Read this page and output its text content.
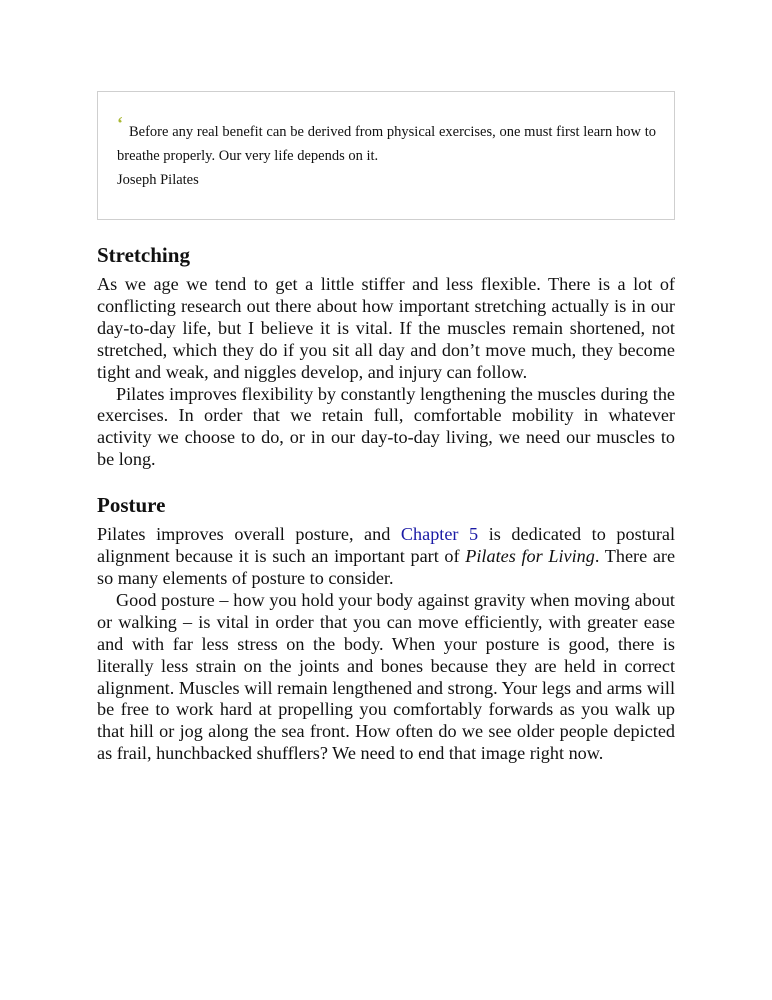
‘ Before any real benefit can be derived from physical exercises, one must first learn how to breathe properly. Our very life depends on it.
Joseph Pilates
Stretching

As we age we tend to get a little stiffer and less flexible. There is a lot of conflicting research out there about how important stretching actually is in our day-to-day life, but I believe it is vital. If the muscles remain shortened, not stretched, which they do if you sit all day and don’t move much, they become tight and weak, and niggles develop, and injury can follow.

Pilates improves flexibility by constantly lengthening the muscles during the exercises. In order that we retain full, comfortable mobility in whatever activity we choose to do, or in our day-to-day living, we need our muscles to be long.

Posture

Pilates improves overall posture, and Chapter 5 is dedicated to postural alignment because it is such an important part of Pilates for Living. There are so many elements of posture to consider.

Good posture – how you hold your body against gravity when moving about or walking – is vital in order that you can move efficiently, with greater ease and with far less stress on the body. When your posture is good, there is literally less strain on the joints and bones because they are held in correct alignment. Muscles will remain lengthened and strong. Your legs and arms will be free to work hard at propelling you comfortably forwards as you walk up that hill or jog along the sea front. How often do we see older people depicted as frail, hunchbacked shufflers? We need to end that image right now.
